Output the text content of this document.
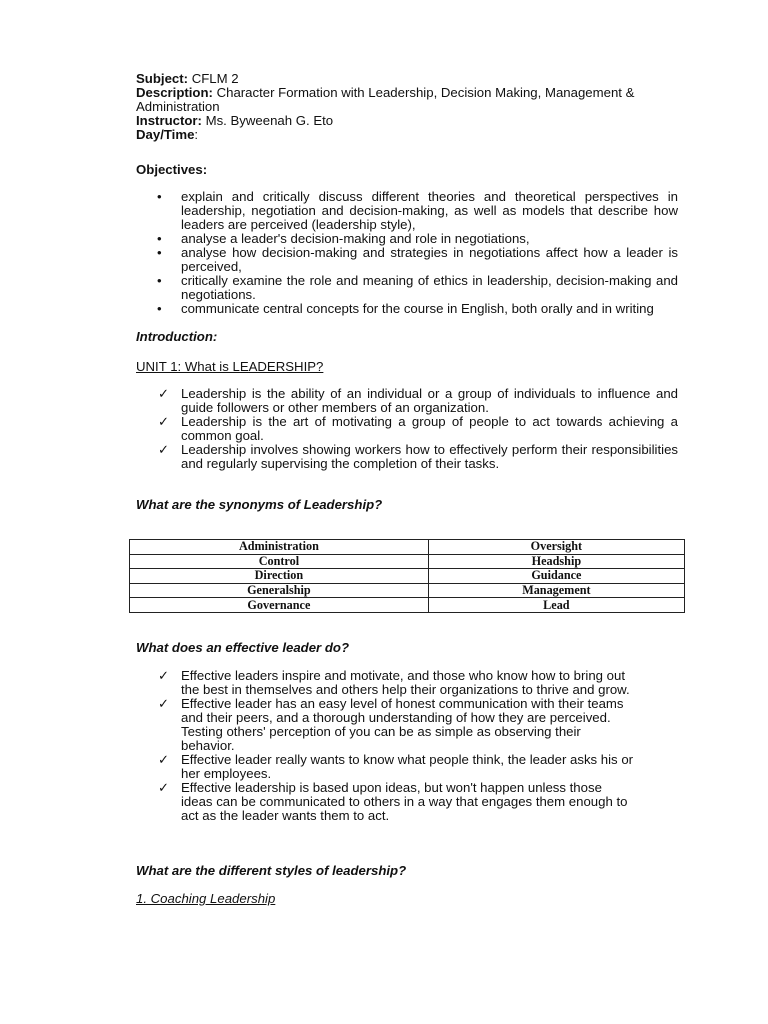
Subject: CFLM 2

Description: Character Formation with Leadership, Decision Making, Management & Administration

Instructor: Ms. Byweenah G. Eto

Day/Time:

Objectives:

• explain and critically discuss different theories and theoretical perspectives in leadership, negotiation and decision-making, as well as models that describe how leaders are perceived (leadership style),
• analyse a leader's decision-making and role in negotiations,
• analyse how decision-making and strategies in negotiations affect how a leader is perceived,
• critically examine the role and meaning of ethics in leadership, decision-making and negotiations.
• communicate central concepts for the course in English, both orally and in writing

Introduction:

UNIT 1: What is LEADERSHIP?

✓ Leadership is the ability of an individual or a group of individuals to influence and guide followers or other members of an organization.
✓ Leadership is the art of motivating a group of people to act towards achieving a common goal.
✓ Leadership involves showing workers how to effectively perform their responsibilities and regularly supervising the completion of their tasks.

What are the synonyms of Leadership?

Administration	Oversight
Control	Headship
Direction	Guidance
Generalship	Management
Governance	Lead

What does an effective leader do?

✓ Effective leaders inspire and motivate, and those who know how to bring out the best in themselves and others help their organizations to thrive and grow.
✓ Effective leader has an easy level of honest communication with their teams and their peers, and a thorough understanding of how they are perceived. Testing others' perception of you can be as simple as observing their behavior.
✓ Effective leader really wants to know what people think, the leader asks his or her employees.
✓ Effective leadership is based upon ideas, but won't happen unless those ideas can be communicated to others in a way that engages them enough to act as the leader wants them to act.

What are the different styles of leadership?

1. Coaching Leadership
